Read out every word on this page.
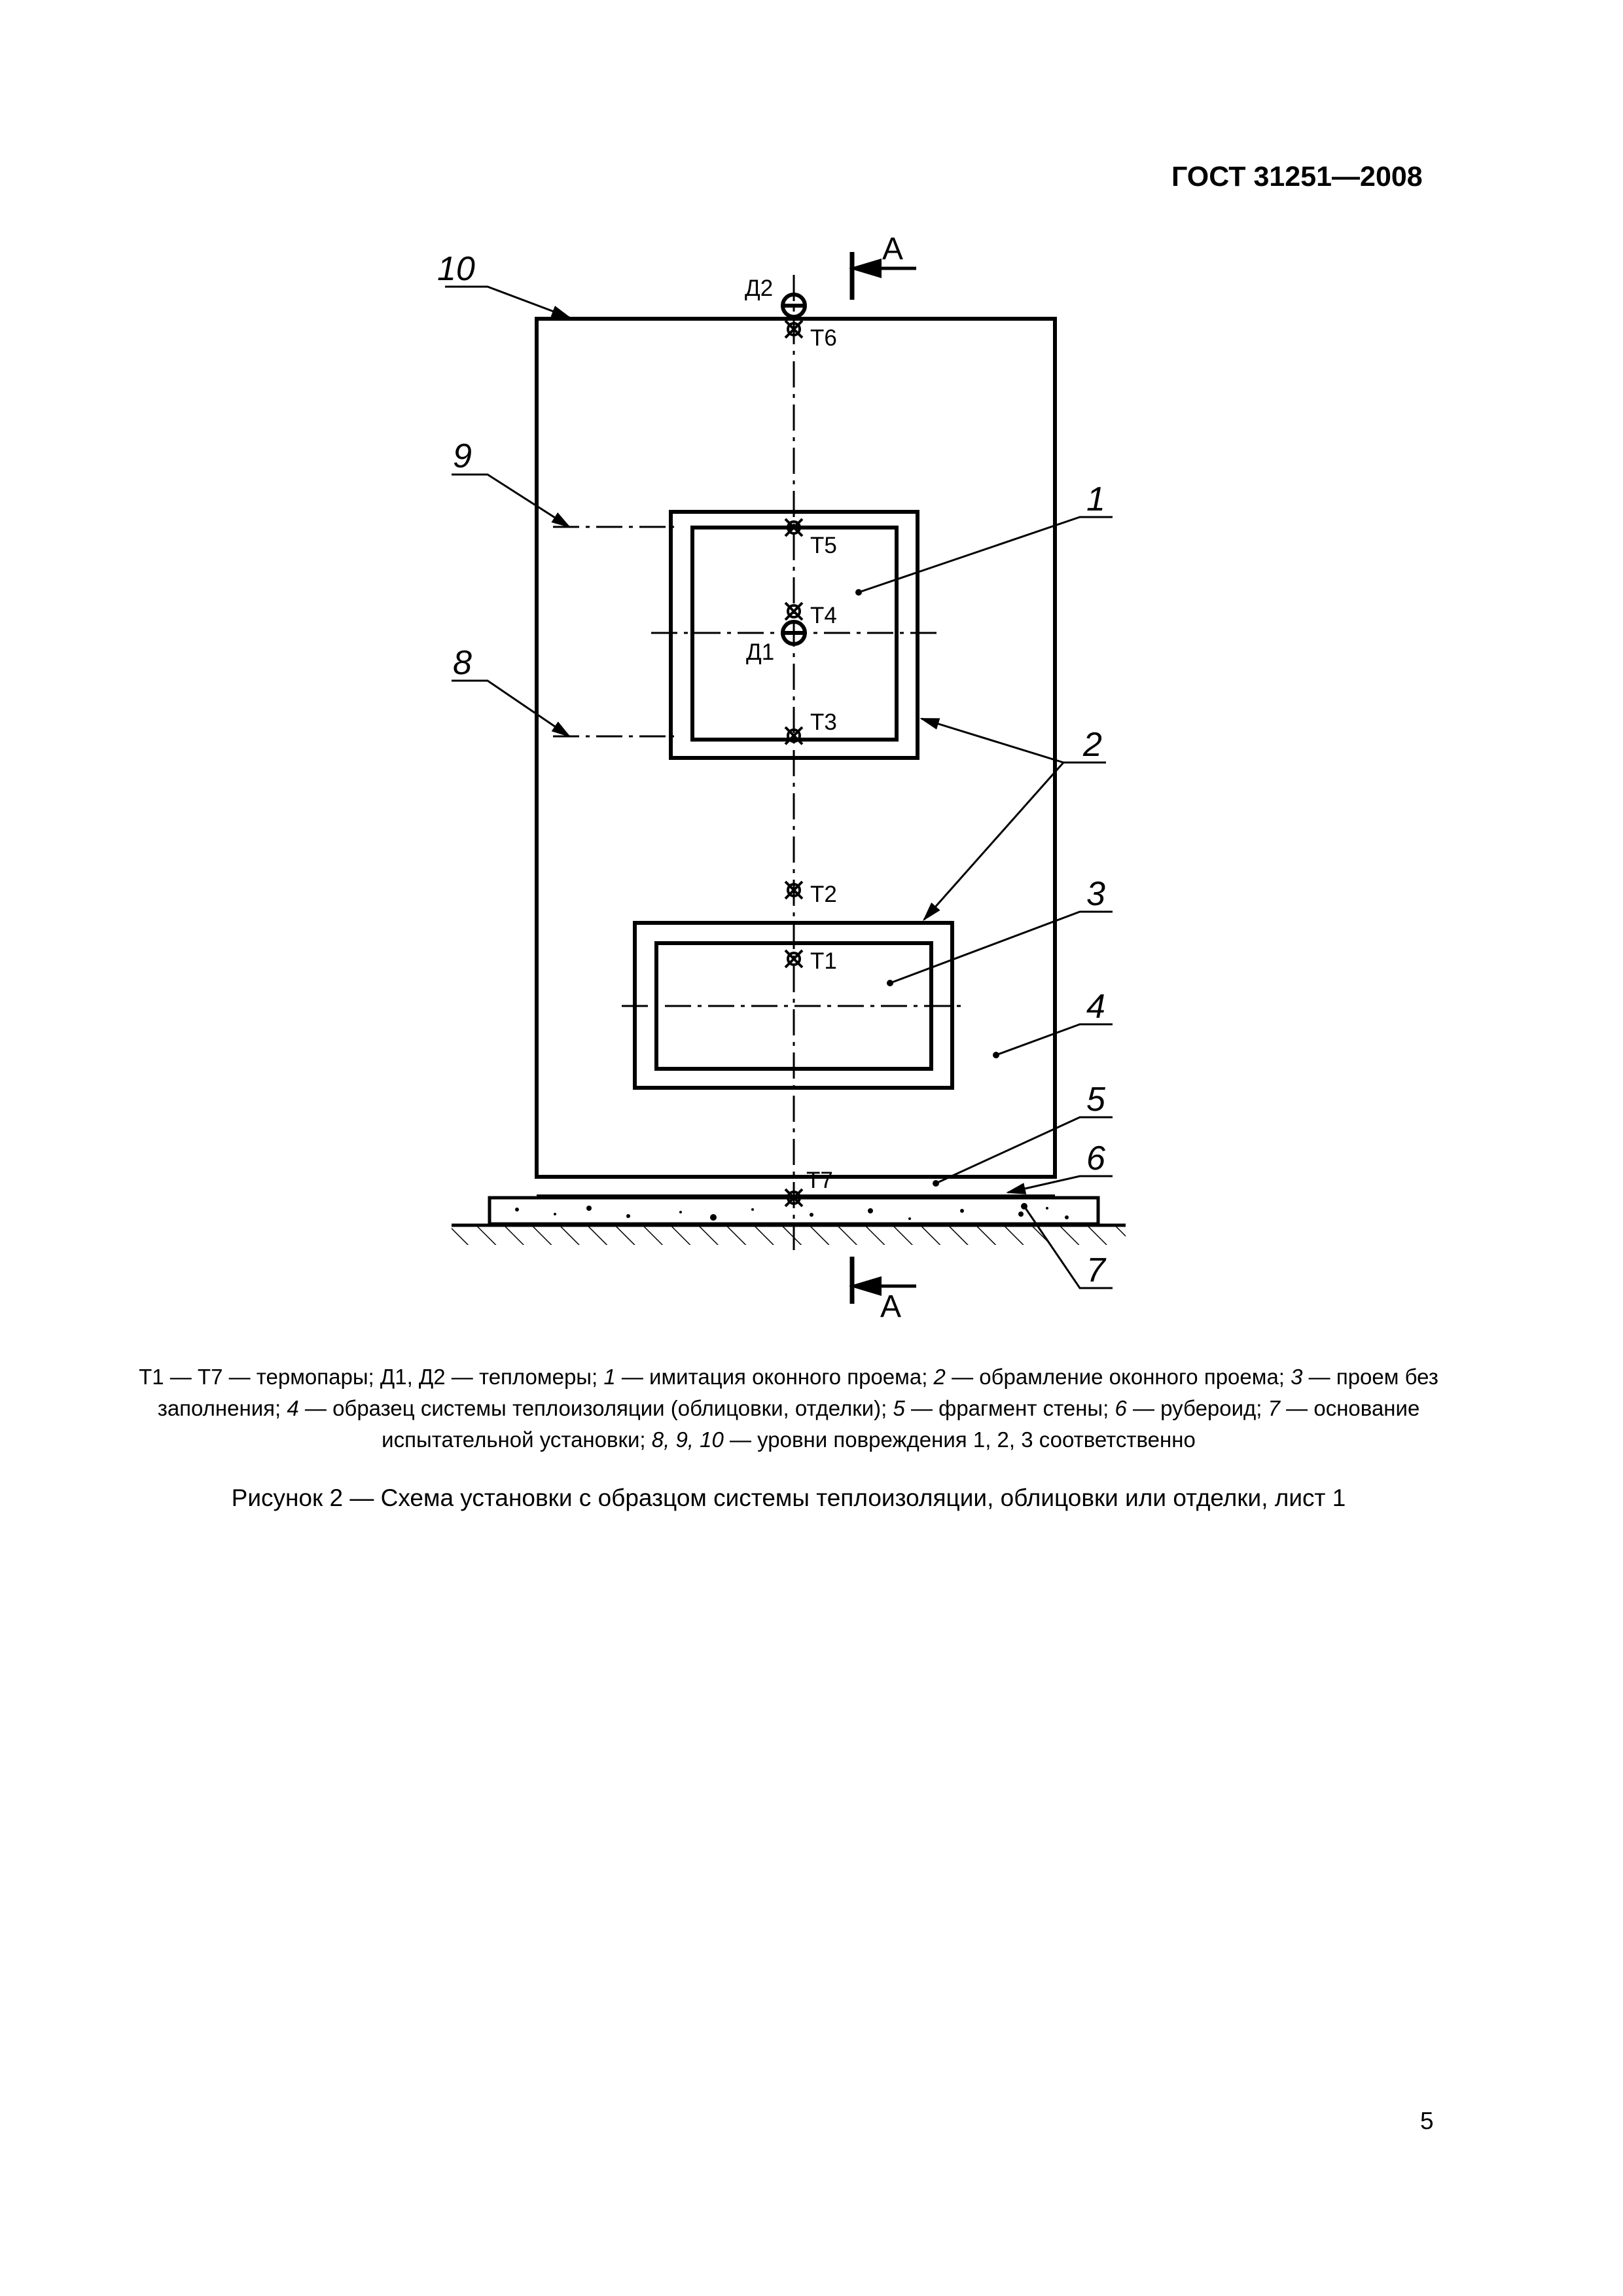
ГОСТ 31251—2008
Т6
Т5
Т4
Т3
Т2
Т1
Т7
Д2
Д1
А
А
10
9
8
1
2
3
4
5
6
7
Т1 — Т7 — термопары; Д1, Д2 — тепломеры; 1 — имитация оконного проема; 2 — обрамление оконного проема; 3 — проем без заполнения; 4 — образец системы теплоизоляции (облицовки, отделки); 5 — фрагмент стены; 6 — рубероид; 7 — основание испытательной установки; 8, 9, 10 — уровни повреждения 1, 2, 3 соответственно
Рисунок 2 — Схема установки с образцом системы теплоизоляции, облицовки или отделки, лист 1
5
